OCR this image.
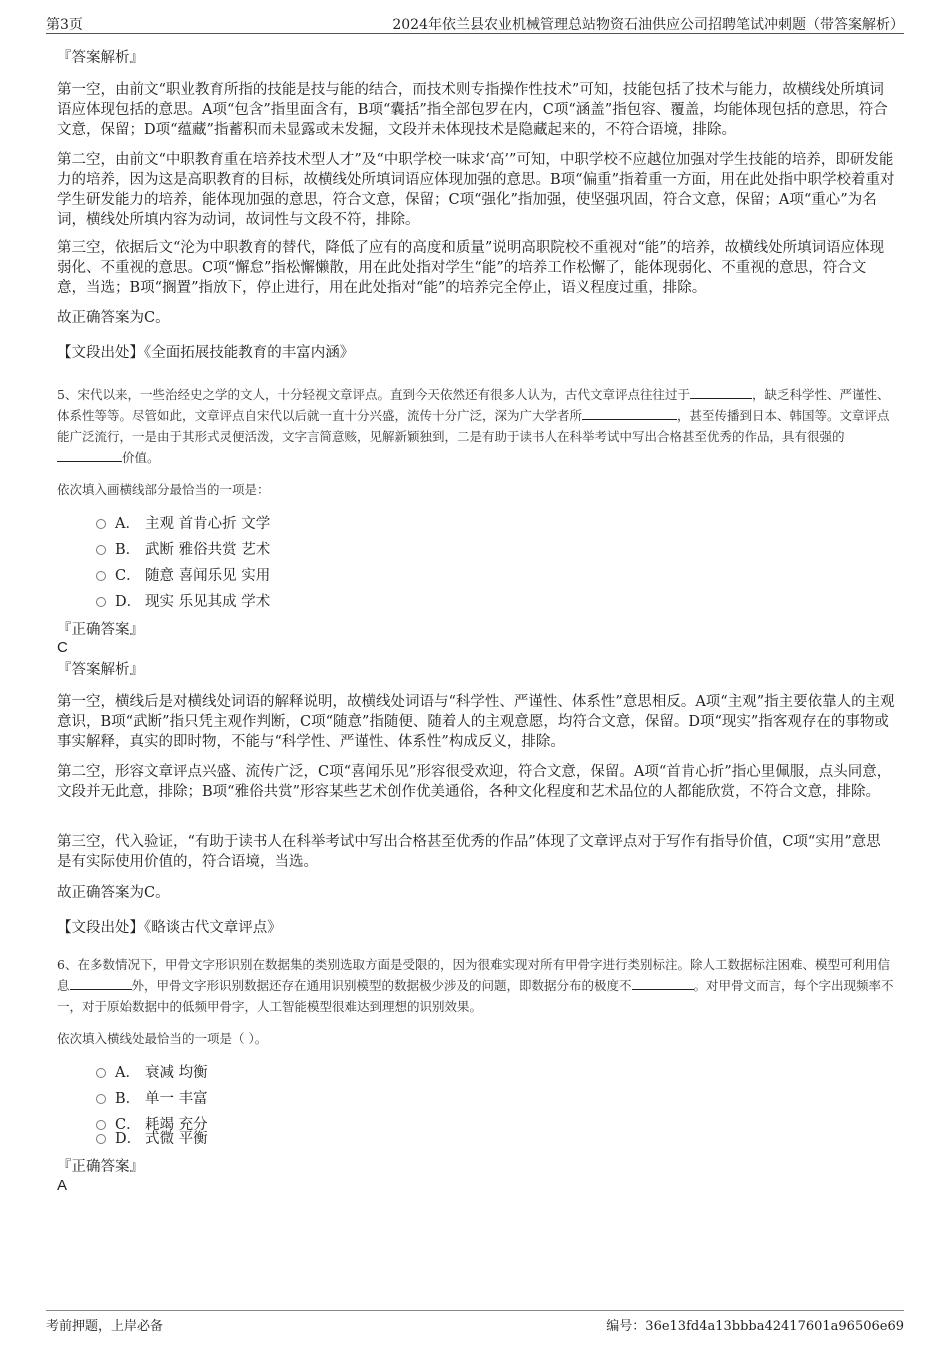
第3页	2024年依兰县农业机械管理总站物资石油供应公司招聘笔试冲刺题（带答案解析）
『答案解析』
第一空，由前文“职业教育所指的技能是技与能的结合，而技术则专指操作性技术”可知，技能包括了技术与能力，故横线处所填词语应体现包括的意思。A项“包含”指里面含有，B项“囊括”指全部包罗在内，C项“涵盖”指包容、覆盖，均能体现包括的意思，符合文意，保留；D项“蕴藏”指蓄积而未显露或未发掘，文段并未体现技术是隐藏起来的，不符合语境，排除。
第二空，由前文“中职教育重在培养技术型人才”及“中职学校一味求‘高’”可知，中职学校不应越位加强对学生技能的培养，即研发能力的培养，因为这是高职教育的目标，故横线处所填词语应体现加强的意思。B项“偏重”指着重一方面，用在此处指中职学校着重对学生研发能力的培养，能体现加强的意思，符合文意，保留；C项“强化”指加强，使坚强巩固，符合文意，保留；A项“重心”为名词，横线处所填内容为动词，故词性与文段不符，排除。
第三空，依据后文“沦为中职教育的替代，降低了应有的高度和质量”说明高职院校不重视对“能”的培养，故横线处所填词语应体现弱化、不重视的意思。C项“懈怠”指松懈懒散，用在此处指对学生“能”的培养工作松懈了，能体现弱化、不重视的意思，符合文意，当选；B项“搁置”指放下，停止进行，用在此处指对“能”的培养完全停止，语义程度过重，排除。
故正确答案为C。
【文段出处】《全面拓展技能教育的丰富内涵》
5、宋代以来，一些治经史之学的文人，十分轻视文章评点。直到今天依然还有很多人认为，古代文章评点往往过于	，缺乏科学性、严谨性、体系性等等。尽管如此，文章评点自宋代以后就一直十分兴盛，流传十分广泛，深为广大学者所	，甚至传播到日本、韩国等。文章评点能广泛流行，一是由于其形式灵便活泼，文字言简意赅，见解新颖独到，二是有助于读书人在科举考试中写出合格甚至优秀的作品，具有很强的价值。
依次填入画横线部分最恰当的一项是：
A． 主观 首肯心折 文学
B． 武断 雅俗共赏 艺术
C． 随意 喜闻乐见 实用
D． 现实 乐见其成 学术
『正确答案』
C
『答案解析』
第一空，横线后是对横线处词语的解释说明，故横线处词语与“科学性、严谨性、体系性”意思相反。A项“主观”指主要依靠人的主观意识，B项“武断”指只凭主观作判断，C项“随意”指随便、随着人的主观意愿，均符合文意，保留。D项“现实”指客观存在的事物或事实解释，真实的即时物，不能与“科学性、严谨性、体系性”构成反义，排除。
第二空，形容文章评点兴盛、流传广泛，C项“喜闻乐见”形容很受欢迎，符合文意，保留。A项“首肯心折”指心里佩服，点头同意，文段并无此意，排除；B项“雅俗共赏”形容某些艺术创作优美通俗，各种文化程度和艺术品位的人都能欣赏，不符合文意，排除。
第三空，代入验证，“有助于读书人在科举考试中写出合格甚至优秀的作品”体现了文章评点对于写作有指导价值，C项“实用”意思是有实际使用价值的，符合语境，当选。
故正确答案为C。
【文段出处】《略谈古代文章评点》
6、在多数情况下，甲骨文字形识别在数据集的类别选取方面是受限的，因为很难实现对所有甲骨字进行类别标注。除人工数据标注困难、模型可利用信息	外，甲骨文字形识别数据还存在通用识别模型的数据极少涉及的问题，即数据分布的极度不	。对甲骨文而言，每个字出现频率不一，对于原始数据中的低频甲骨字，人工智能模型很难达到理想的识别效果。
依次填入横线处最恰当的一项是（ ）。
A． 衰减 均衡
B． 单一 丰富
C． 耗竭 充分
D． 式微 平衡
『正确答案』
A
考前押题，上岸必备	编号：36e13fd4a13bbba42417601a96506e69
